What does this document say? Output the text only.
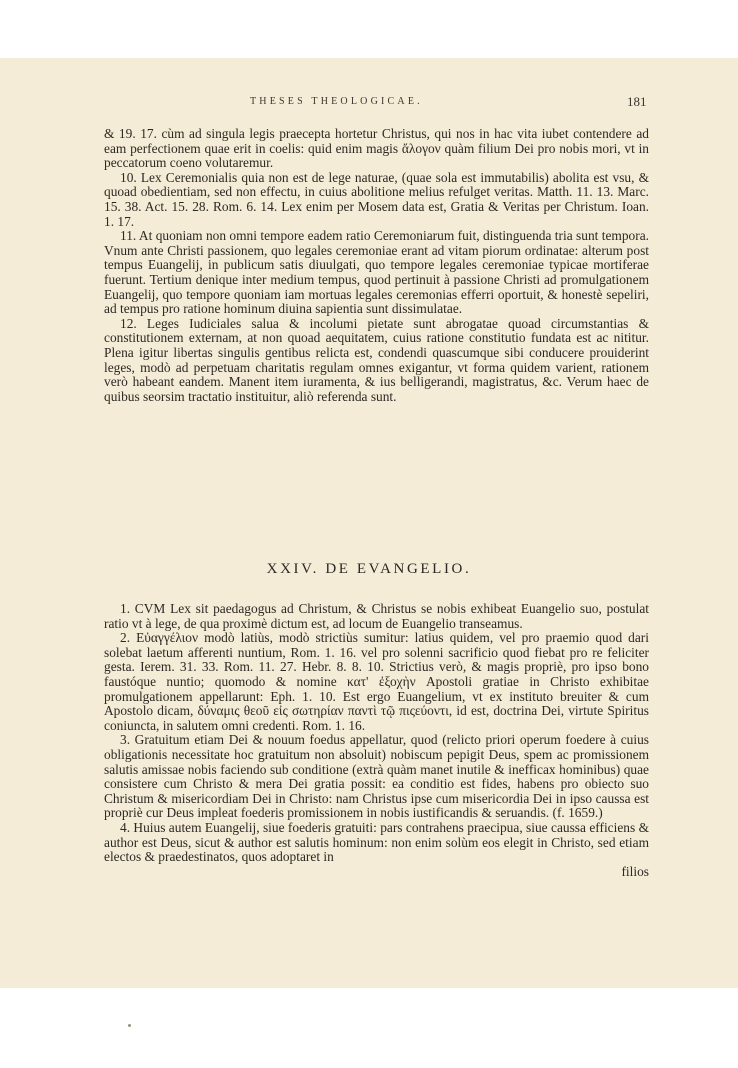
THESES THEOLOGICAE.	181

& 19. 17. cùm ad singula legis praecepta hortetur Christus, qui nos in hac vita iubet contendere ad eam perfectionem quae erit in coelis: quid enim magis ἄλογον quàm filium Dei pro nobis mori, vt in peccatorum coeno volutaremur.

10. Lex Ceremonialis quia non est de lege naturae, (quae sola est immutabilis) abolita est vsu, & quoad obedientiam, sed non effectu, in cuius abolitione melius refulget veritas. Matth. 11. 13. Marc. 15. 38. Act. 15. 28. Rom. 6. 14. Lex enim per Mosem data est, Gratia & Veritas per Christum. Ioan. 1. 17.

11. At quoniam non omni tempore eadem ratio Ceremoniarum fuit, distinguenda tria sunt tempora. Vnum ante Christi passionem, quo legales ceremoniae erant ad vitam piorum ordinatae: alterum post tempus Euangelij, in publicum satis diuulgati, quo tempore legales ceremoniae typicae mortiferae fuerunt. Tertium denique inter medium tempus, quod pertinuit à passione Christi ad promulgationem Euangelij, quo tempore quoniam iam mortuas legales ceremonias efferri oportuit, & honestè sepeliri, ad tempus pro ratione hominum diuina sapientia sunt dissimulatae.

12. Leges Iudiciales salua & incolumi pietate sunt abrogatae quoad circumstantias & constitutionem externam, at non quoad aequitatem, cuius ratione constitutio fundata est ac nititur. Plena igitur libertas singulis gentibus relicta est, condendi quascumque sibi conducere prouiderint leges, modò ad perpetuam charitatis regulam omnes exigantur, vt forma quidem varient, rationem verò habeant eandem. Manent item iuramenta, & ius belligerandi, magistratus, &c. Verum haec de quibus seorsim tractatio instituitur, aliò referenda sunt.

XXIV. DE EVANGELIO.

1. CVM Lex sit paedagogus ad Christum, & Christus se nobis exhibeat Euangelio suo, postulat ratio vt à lege, de qua proximè dictum est, ad locum de Euangelio transeamus.

2. Εὐαγγέλιον modò latiùs, modò strictiùs sumitur: latius quidem, vel pro praemio quod dari solebat laetum afferenti nuntium, Rom. 1. 16. vel pro solenni sacrificio quod fiebat pro re feliciter gesta. Ierem. 31. 33. Rom. 11. 27. Hebr. 8. 8. 10. Strictius verò, & magis propriè, pro ipso bono faustóque nuntio; quomodo & nomine κατ' ἐξοχὴν Apostoli gratiae in Christo exhibitae promulgationem appellarunt: Eph. 1. 10. Est ergo Euangelium, vt ex instituto breuiter & cum Apostolo dicam, δύναμις θεοῦ εἰς σωτηρίαν παντὶ τῷ πιςεύοντι, id est, doctrina Dei, virtute Spiritus coniuncta, in salutem omni credenti. Rom. 1. 16.

3. Gratuitum etiam Dei & nouum foedus appellatur, quod (relicto priori operum foedere à cuius obligationis necessitate hoc gratuitum non absoluit) nobiscum pepigit Deus, spem ac promissionem salutis amissae nobis faciendo sub conditione (extrà quàm manet inutile & inefficax hominibus) quae consistere cum Christo & mera Dei gratia possit: ea conditio est fides, habens pro obiecto suo Christum & misericordiam Dei in Christo: nam Christus ipse cum misericordia Dei in ipso caussa est propriè cur Deus impleat foederis promissionem in nobis iustificandis & seruandis. (f. 1659.)

4. Huius autem Euangelij, siue foederis gratuiti: pars contrahens praecipua, siue caussa efficiens & author est Deus, sicut & author est salutis hominum: non enim solùm eos elegit in Christo, sed etiam electos & praedestinatos, quos adoptaret in

filios
